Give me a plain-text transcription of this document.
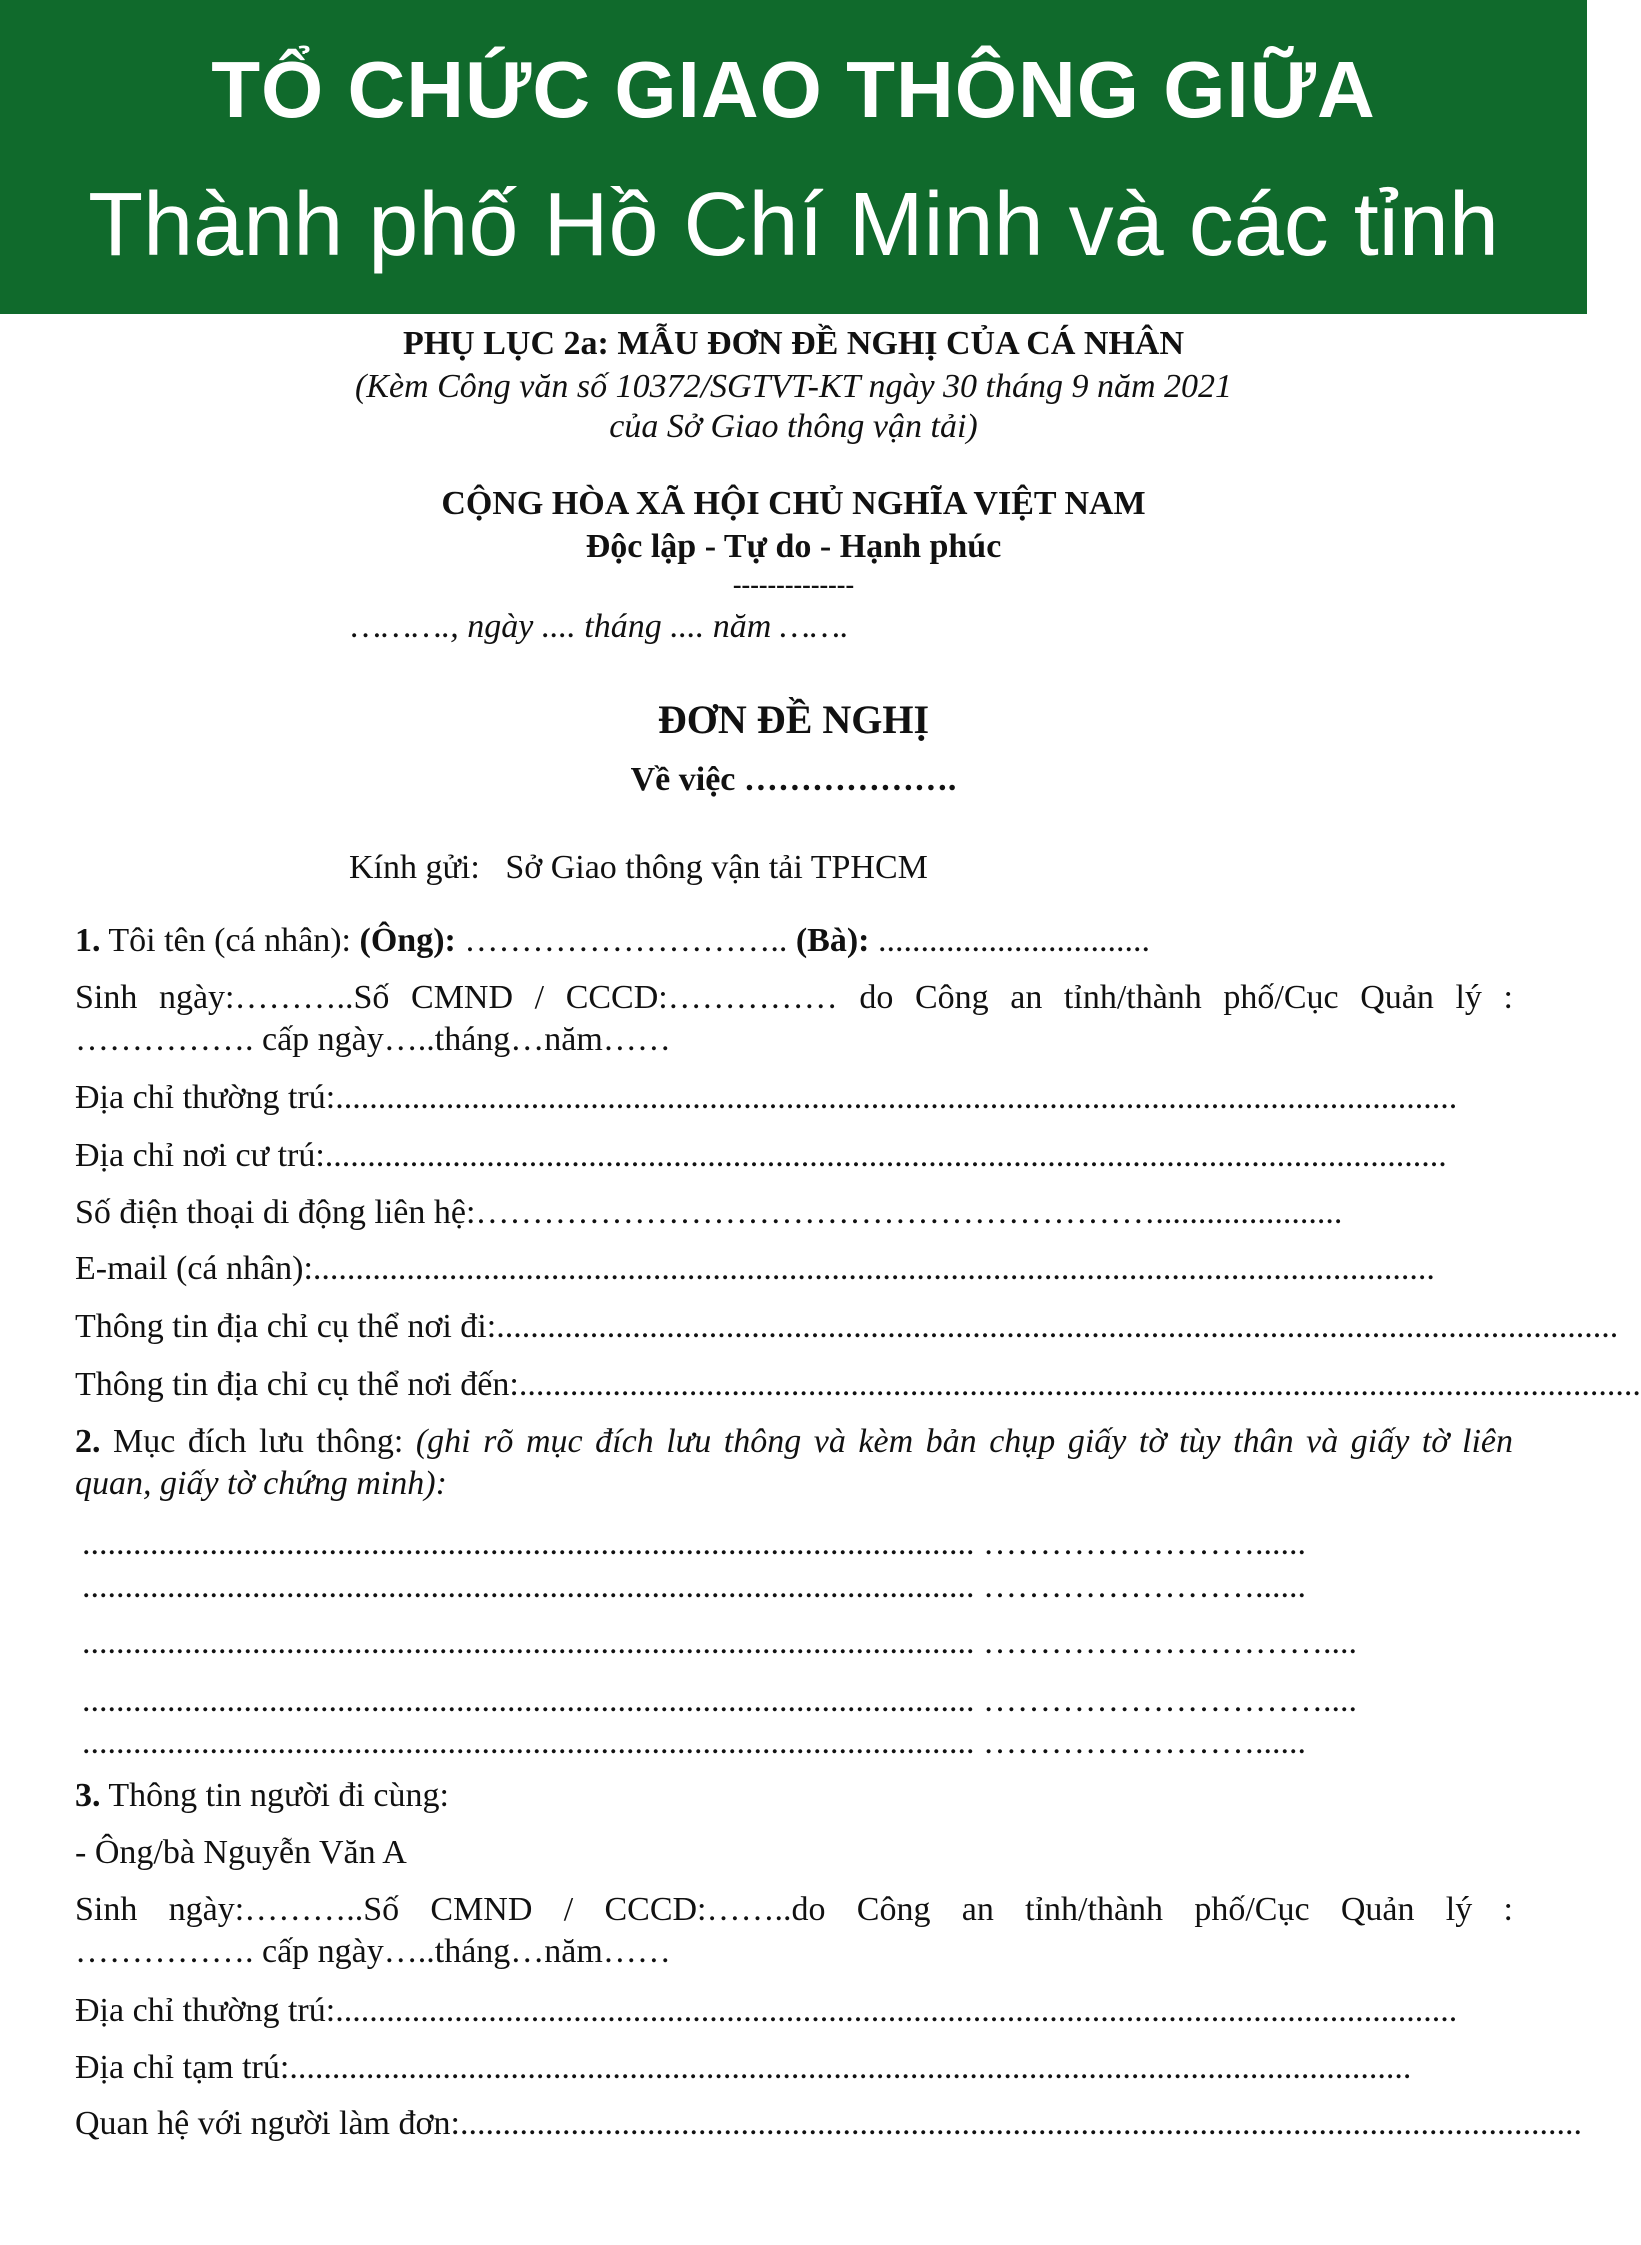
TỔ CHỨC GIAO THÔNG GIỮA
Thành phố Hồ Chí Minh và các tỉnh
PHỤ LỤC 2a: MẪU ĐƠN ĐỀ NGHỊ CỦA CÁ NHÂN
(Kèm Công văn số 10372/SGTVT-KT ngày 30 tháng 9 năm 2021
của Sở Giao thông vận tải)
CỘNG HÒA XÃ HỘI CHỦ NGHĨA VIỆT NAM
Độc lập - Tự do - Hạnh phúc
--------------
………., ngày .... tháng .... năm …….
ĐƠN ĐỀ NGHỊ
Về việc ……………….
Kính gửi: Sở Giao thông vận tải TPHCM
1. Tôi tên (cá nhân): (Ông): ……………………….. (Bà): ................................
Sinh ngày:………..Số CMND / CCCD:…………… do Công an tỉnh/thành phố/Cục Quản lý :
……………. cấp ngày…..tháng…năm……
Địa chỉ thường trú: ....................................................................................................................................
Địa chỉ nơi cư trú: ....................................................................................................................................
Số điện thoại di động liên hệ: ……………………………………………………......................
E-mail (cá nhân): ....................................................................................................................................
Thông tin địa chỉ cụ thể nơi đi: ....................................................................................................................................
Thông tin địa chỉ cụ thể nơi đến: ....................................................................................................................................
2. Mục đích lưu thông: (ghi rõ mục đích lưu thông và kèm bản chụp giấy tờ tùy thân và giấy tờ liên
quan, giấy tờ chứng minh):
......................................................................................................... ……………………......
......................................................................................................... ……………………......
......................................................................................................... …………………………....
......................................................................................................... …………………………....
......................................................................................................... ……………………......
3. Thông tin người đi cùng:
- Ông/bà Nguyễn Văn A
Sinh ngày:………..Số CMND / CCCD:……..do Công an tỉnh/thành phố/Cục Quản lý :
……………. cấp ngày…..tháng…năm……
Địa chỉ thường trú: ....................................................................................................................................
Địa chỉ tạm trú: ....................................................................................................................................
Quan hệ với người làm đơn: ....................................................................................................................................
